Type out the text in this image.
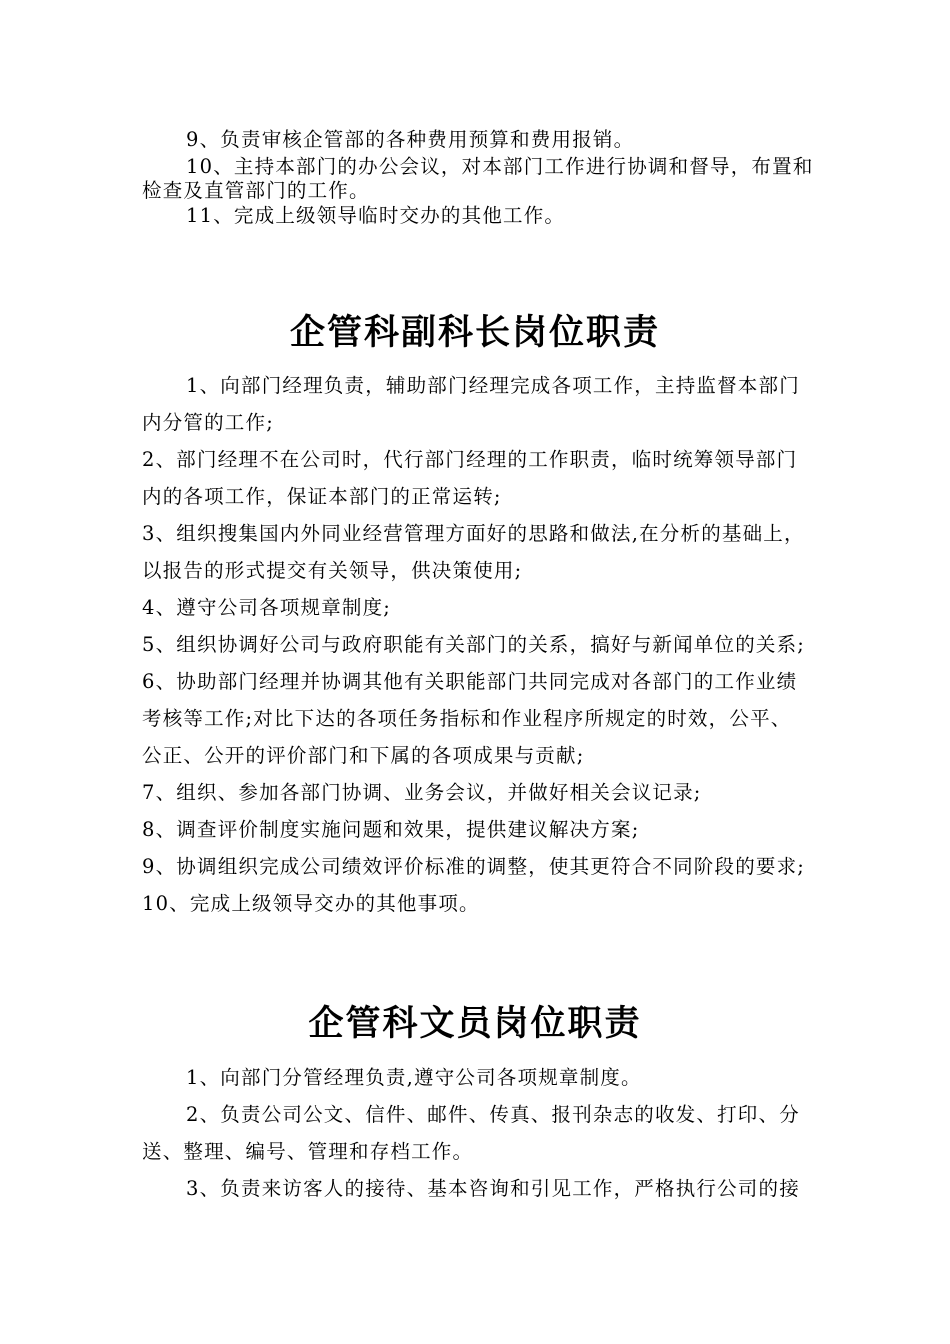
9、负责审核企管部的各种费用预算和费用报销。
10、主持本部门的办公会议，对本部门工作进行协调和督导，布置和
检查及直管部门的工作。
11、完成上级领导临时交办的其他工作。
企管科副科长岗位职责
1、向部门经理负责，辅助部门经理完成各项工作，主持监督本部门
内分管的工作;
2、部门经理不在公司时，代行部门经理的工作职责，临时统筹领导部门
内的各项工作，保证本部门的正常运转;
3、组织搜集国内外同业经营管理方面好的思路和做法,在分析的基础上，
以报告的形式提交有关领导，供决策使用;
4、遵守公司各项规章制度;
5、组织协调好公司与政府职能有关部门的关系，搞好与新闻单位的关系;
6、协助部门经理并协调其他有关职能部门共同完成对各部门的工作业绩
考核等工作;对比下达的各项任务指标和作业程序所规定的时效，公平、
公正、公开的评价部门和下属的各项成果与贡献;
7、组织、参加各部门协调、业务会议，并做好相关会议记录;
8、调查评价制度实施问题和效果，提供建议解决方案;
9、协调组织完成公司绩效评价标准的调整，使其更符合不同阶段的要求;
10、完成上级领导交办的其他事项。
企管科文员岗位职责
1、向部门分管经理负责,遵守公司各项规章制度。
2、负责公司公文、信件、邮件、传真、报刊杂志的收发、打印、分
送、整理、编号、管理和存档工作。
3、负责来访客人的接待、基本咨询和引见工作，严格执行公司的接
